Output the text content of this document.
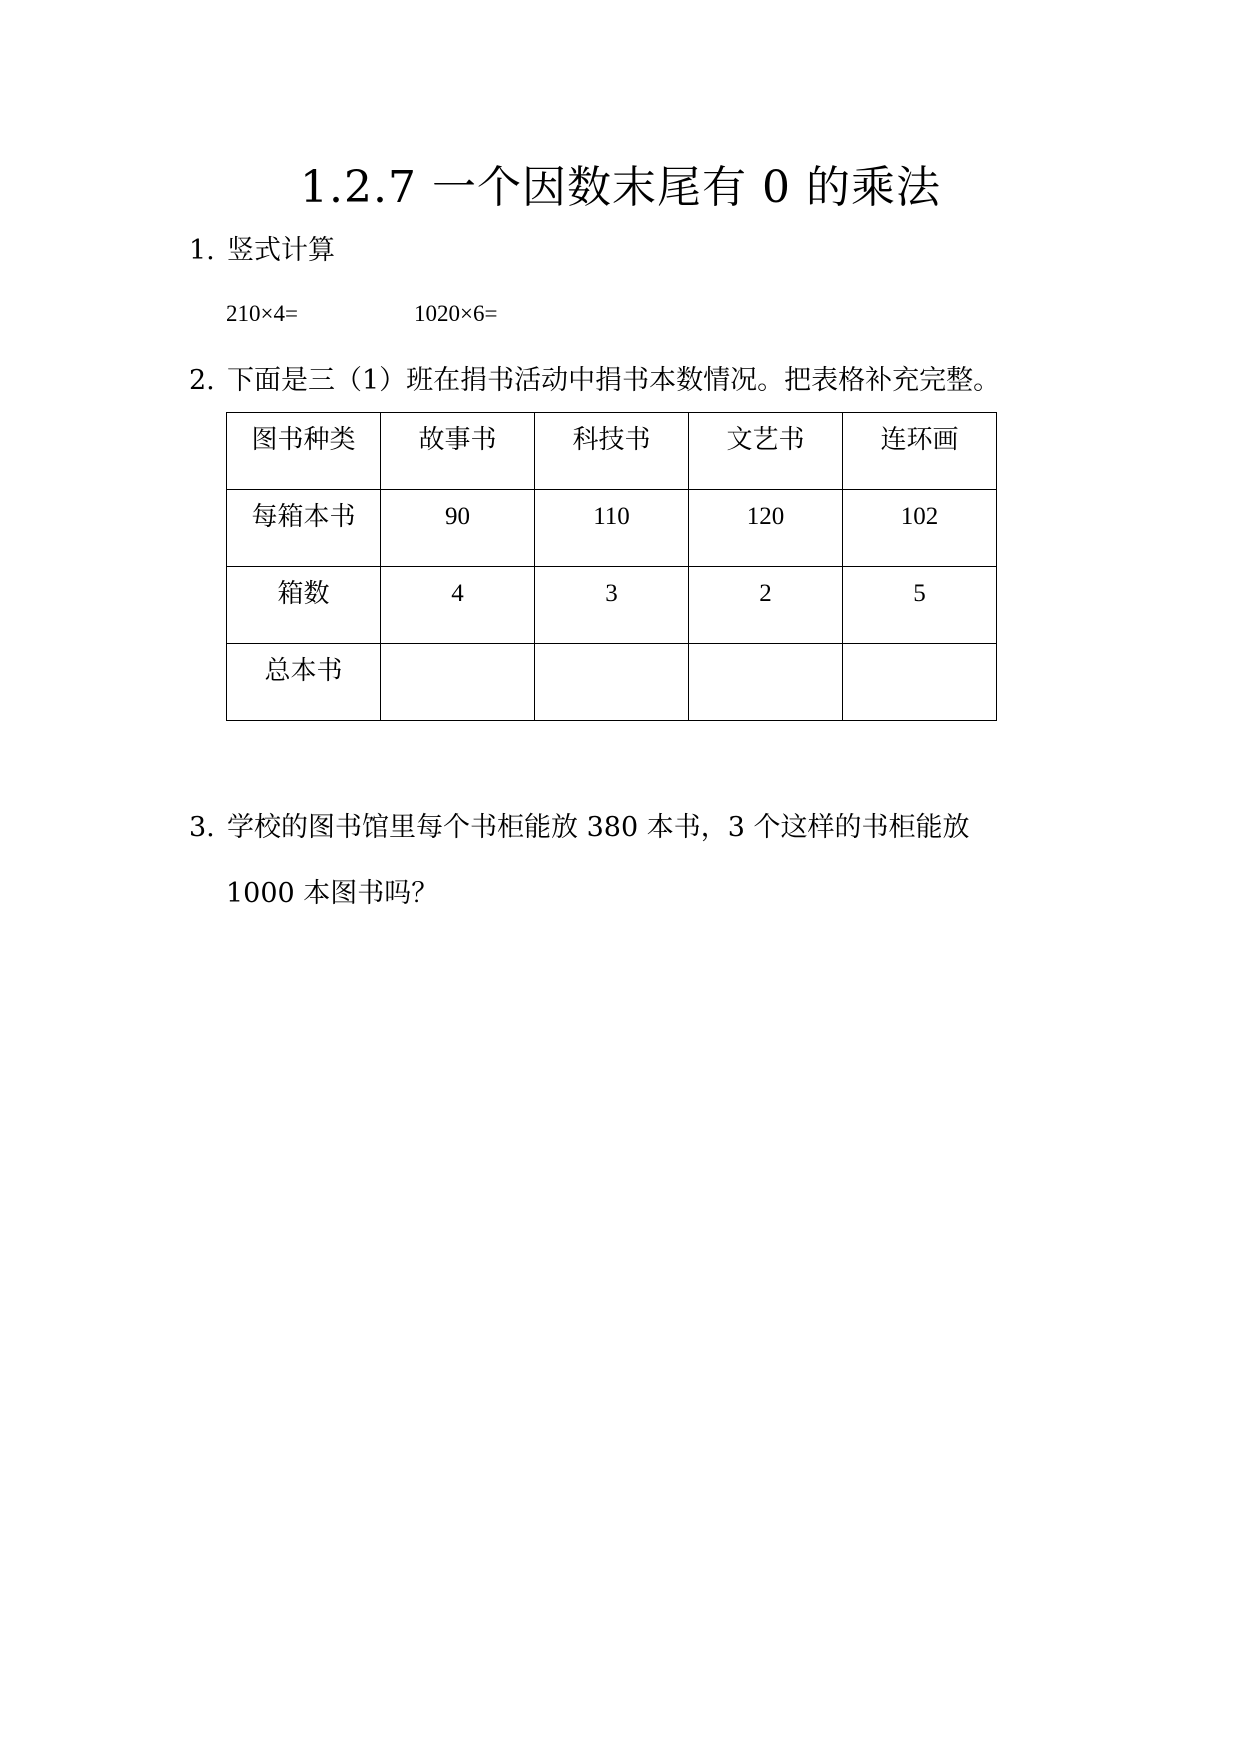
1.2.7 一个因数末尾有 0 的乘法
1. 竖式计算
210×4=	1020×6=
2. 下面是三（1）班在捐书活动中捐书本数情况。把表格补充完整。
图书种类	故事书	科技书	文艺书	连环画
每箱本书	90	110	120	102
箱数	4	3	2	5
总本书				
3. 学校的图书馆里每个书柜能放 380 本书，3 个这样的书柜能放
1000 本图书吗？
